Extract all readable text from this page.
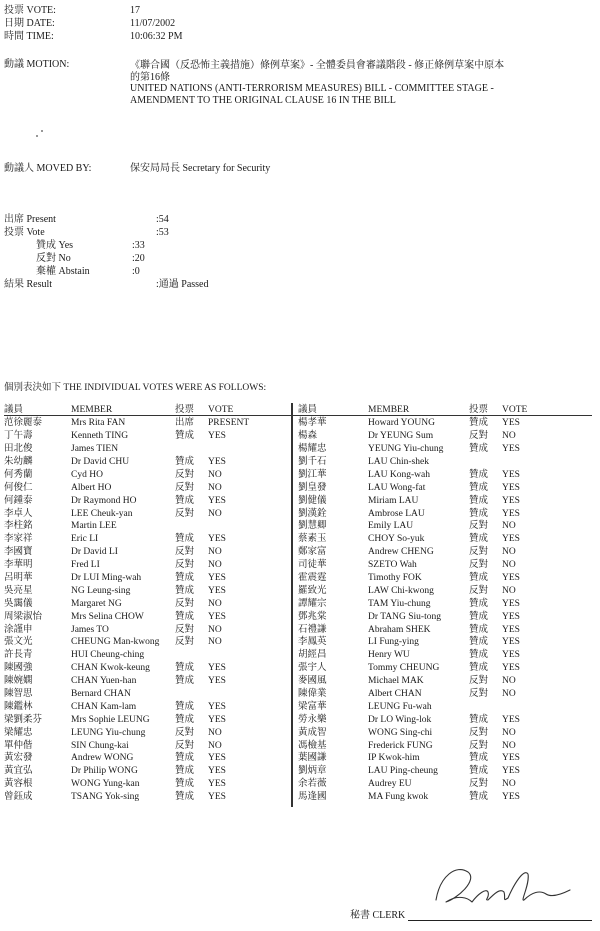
投票 VOTE:	17
日期 DATE:	11/07/2002
時間 TIME:	10:06:32 PM
動議 MOTION:	《聯合國（反恐怖主義措施）條例草案》- 全體委員會審議階段 - 修正條例草案中原本
的第16條
UNITED NATIONS (ANTI-TERRORISM MEASURES) BILL - COMMITTEE STAGE -
AMENDMENT TO THE ORIGINAL CLAUSE 16 IN THE BILL
動議人 MOVED BY:	保安局局長 Secretary for Security
出席 Present	:54
投票 Vote	:53
贊成 Yes	:33
反對 No	:20
棄權 Abstain	:0
結果 Result	:通過 Passed
個別表決如下 THE INDIVIDUAL VOTES WERE AS FOLLOWS:
議員	MEMBER	投票	VOTE
范徐麗泰	Mrs Rita FAN	出席	PRESENT
丁午壽	Kenneth TING	贊成	YES
田北俊	James TIEN		
朱幼麟	Dr David CHU	贊成	YES
何秀蘭	Cyd HO	反對	NO
何俊仁	Albert HO	反對	NO
何鍾泰	Dr Raymond HO	贊成	YES
李卓人	LEE Cheuk-yan	反對	NO
李柱銘	Martin LEE		
李家祥	Eric LI	贊成	YES
李國寶	Dr David LI	反對	NO
李華明	Fred LI	反對	NO
呂明華	Dr LUI Ming-wah	贊成	YES
吳亮星	NG Leung-sing	贊成	YES
吳靄儀	Margaret NG	反對	NO
周梁淑怡	Mrs Selina CHOW	贊成	YES
涂謹申	James TO	反對	NO
張文光	CHEUNG Man-kwong	反對	NO
許長青	HUI Cheung-ching		
陳國強	CHAN Kwok-keung	贊成	YES
陳婉嫻	CHAN Yuen-han	贊成	YES
陳智思	Bernard CHAN		
陳鑑林	CHAN Kam-lam	贊成	YES
梁劉柔芬	Mrs Sophie LEUNG	贊成	YES
梁耀忠	LEUNG Yiu-chung	反對	NO
單仲偕	SIN Chung-kai	反對	NO
黃宏發	Andrew WONG	贊成	YES
黃宜弘	Dr Philip WONG	贊成	YES
黃容根	WONG Yung-kan	贊成	YES
曾鈺成	TSANG Yok-sing	贊成	YES
議員	MEMBER	投票	VOTE
楊孝華	Howard YOUNG	贊成	YES
楊森	Dr YEUNG Sum	反對	NO
楊耀忠	YEUNG Yiu-chung	贊成	YES
劉千石	LAU Chin-shek		
劉江華	LAU Kong-wah	贊成	YES
劉皇發	LAU Wong-fat	贊成	YES
劉健儀	Miriam LAU	贊成	YES
劉漢銓	Ambrose LAU	贊成	YES
劉慧卿	Emily LAU	反對	NO
蔡素玉	CHOY So-yuk	贊成	YES
鄭家富	Andrew CHENG	反對	NO
司徒華	SZETO Wah	反對	NO
霍震霆	Timothy FOK	贊成	YES
羅致光	LAW Chi-kwong	反對	NO
譚耀宗	TAM Yiu-chung	贊成	YES
鄧兆棠	Dr TANG Siu-tong	贊成	YES
石禮謙	Abraham SHEK	贊成	YES
李鳳英	LI Fung-ying	贊成	YES
胡經昌	Henry WU	贊成	YES
張宇人	Tommy CHEUNG	贊成	YES
麥國風	Michael MAK	反對	NO
陳偉業	Albert CHAN	反對	NO
梁富華	LEUNG Fu-wah		
勞永樂	Dr LO Wing-lok	贊成	YES
黃成智	WONG Sing-chi	反對	NO
馮檢基	Frederick FUNG	反對	NO
葉國謙	IP Kwok-him	贊成	YES
劉炳章	LAU Ping-cheung	贊成	YES
余若薇	Audrey EU	反對	NO
馬逢國	MA Fung kwok	贊成	YES
秘書 CLERK
